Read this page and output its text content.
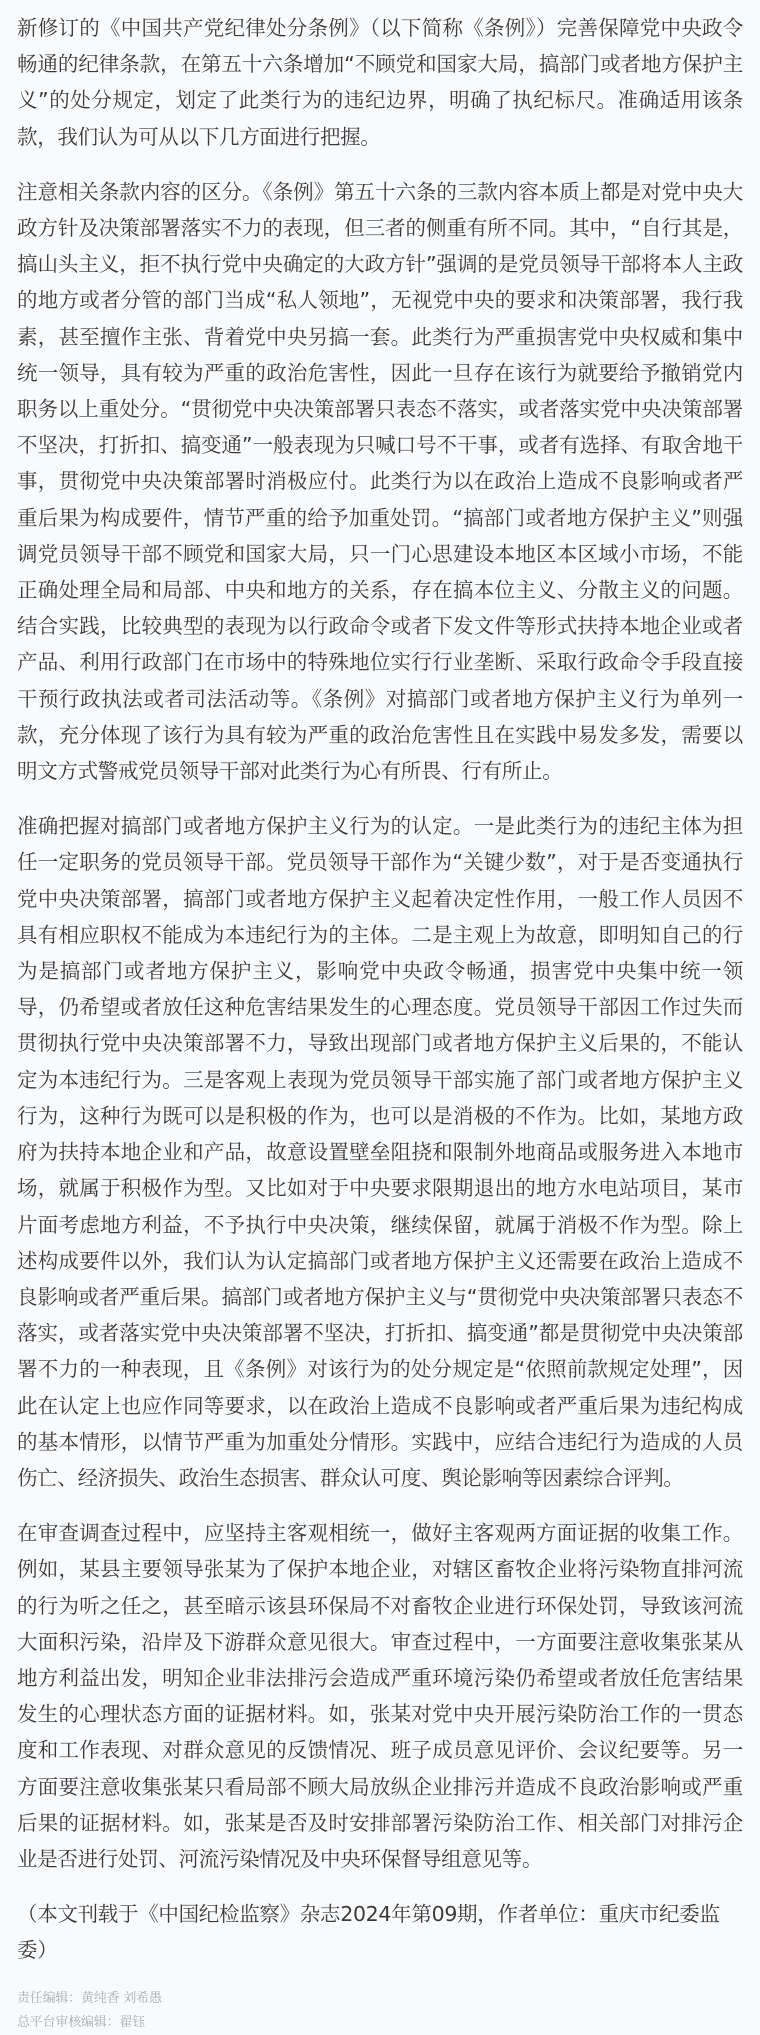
新修订的《中国共产党纪律处分条例》（以下简称《条例》）完善保障党中央政令畅通的纪律条款，在第五十六条增加“不顾党和国家大局，搞部门或者地方保护主义”的处分规定，划定了此类行为的违纪边界，明确了执纪标尺。准确适用该条款，我们认为可从以下几方面进行把握。

注意相关条款内容的区分。《条例》第五十六条的三款内容本质上都是对党中央大政方针及决策部署落实不力的表现，但三者的侧重有所不同。其中，“自行其是，搞山头主义，拒不执行党中央确定的大政方针”强调的是党员领导干部将本人主政的地方或者分管的部门当成“私人领地”，无视党中央的要求和决策部署，我行我素，甚至擅作主张、背着党中央另搞一套。此类行为严重损害党中央权威和集中统一领导，具有较为严重的政治危害性，因此一旦存在该行为就要给予撤销党内职务以上重处分。“贯彻党中央决策部署只表态不落实，或者落实党中央决策部署不坚决，打折扣、搞变通”一般表现为只喊口号不干事，或者有选择、有取舍地干事，贯彻党中央决策部署时消极应付。此类行为以在政治上造成不良影响或者严重后果为构成要件，情节严重的给予加重处罚。“搞部门或者地方保护主义”则强调党员领导干部不顾党和国家大局，只一门心思建设本地区本区域小市场，不能正确处理全局和局部、中央和地方的关系，存在搞本位主义、分散主义的问题。结合实践，比较典型的表现为以行政命令或者下发文件等形式扶持本地企业或者产品、利用行政部门在市场中的特殊地位实行行业垄断、采取行政命令手段直接干预行政执法或者司法活动等。《条例》对搞部门或者地方保护主义行为单列一款，充分体现了该行为具有较为严重的政治危害性且在实践中易发多发，需要以明文方式警戒党员领导干部对此类行为心有所畏、行有所止。

准确把握对搞部门或者地方保护主义行为的认定。一是此类行为的违纪主体为担任一定职务的党员领导干部。党员领导干部作为“关键少数”，对于是否变通执行党中央决策部署，搞部门或者地方保护主义起着决定性作用，一般工作人员因不具有相应职权不能成为本违纪行为的主体。二是主观上为故意，即明知自己的行为是搞部门或者地方保护主义，影响党中央政令畅通，损害党中央集中统一领导，仍希望或者放任这种危害结果发生的心理态度。党员领导干部因工作过失而贯彻执行党中央决策部署不力，导致出现部门或者地方保护主义后果的，不能认定为本违纪行为。三是客观上表现为党员领导干部实施了部门或者地方保护主义行为，这种行为既可以是积极的作为，也可以是消极的不作为。比如，某地方政府为扶持本地企业和产品，故意设置壁垒阻挠和限制外地商品或服务进入本地市场，就属于积极作为型。又比如对于中央要求限期退出的地方水电站项目，某市片面考虑地方利益，不予执行中央决策，继续保留，就属于消极不作为型。除上述构成要件以外，我们认为认定搞部门或者地方保护主义还需要在政治上造成不良影响或者严重后果。搞部门或者地方保护主义与“贯彻党中央决策部署只表态不落实，或者落实党中央决策部署不坚决，打折扣、搞变通”都是贯彻党中央决策部署不力的一种表现，且《条例》对该行为的处分规定是“依照前款规定处理”，因此在认定上也应作同等要求，以在政治上造成不良影响或者严重后果为违纪构成的基本情形，以情节严重为加重处分情形。实践中，应结合违纪行为造成的人员伤亡、经济损失、政治生态损害、群众认可度、舆论影响等因素综合评判。

在审查调查过程中，应坚持主客观相统一，做好主客观两方面证据的收集工作。例如，某县主要领导张某为了保护本地企业，对辖区畜牧企业将污染物直排河流的行为听之任之，甚至暗示该县环保局不对畜牧企业进行环保处罚，导致该河流大面积污染，沿岸及下游群众意见很大。审查过程中，一方面要注意收集张某从地方利益出发，明知企业非法排污会造成严重环境污染仍希望或者放任危害结果发生的心理状态方面的证据材料。如，张某对党中央开展污染防治工作的一贯态度和工作表现、对群众意见的反馈情况、班子成员意见评价、会议纪要等。另一方面要注意收集张某只看局部不顾大局放纵企业排污并造成不良政治影响或严重后果的证据材料。如，张某是否及时安排部署污染防治工作、相关部门对排污企业是否进行处罚、河流污染情况及中央环保督导组意见等。

（本文刊载于《中国纪检监察》杂志2024年第09期，作者单位：重庆市纪委监委）

责任编辑：黄纯香 刘希愚
总平台审核编辑：翟钰
